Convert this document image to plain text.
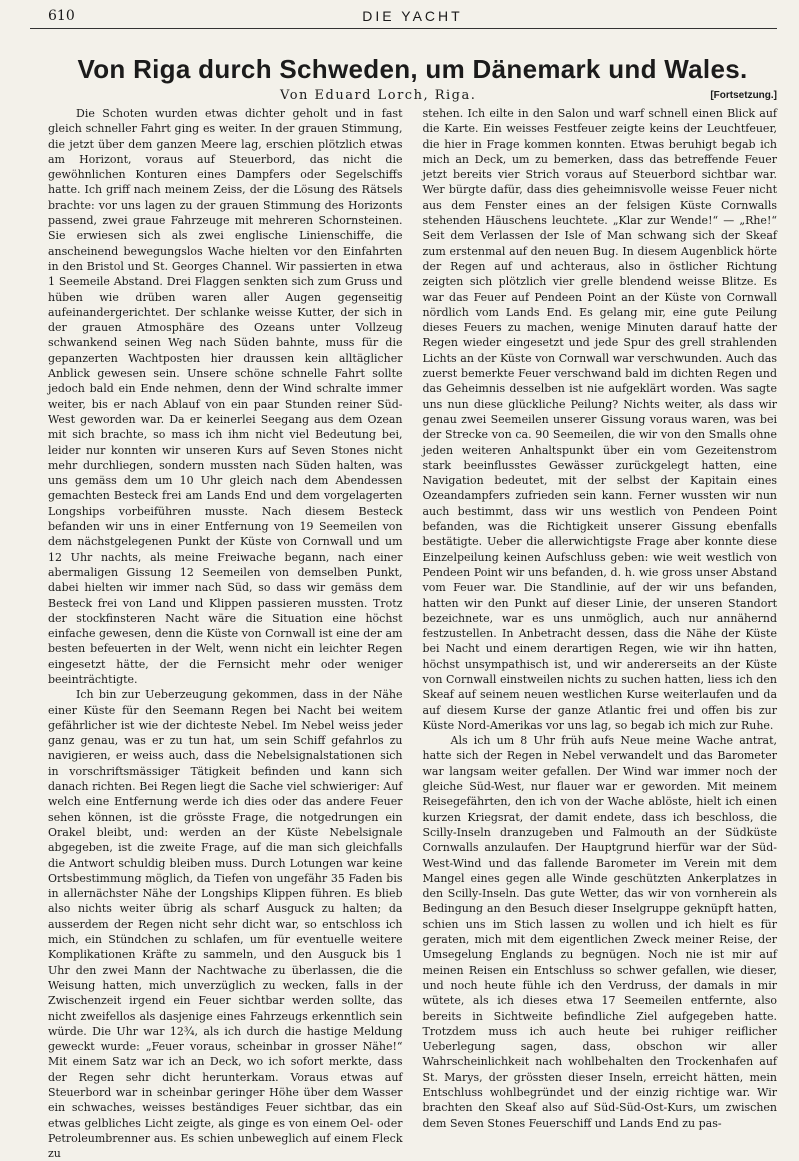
610	DIE YACHT
Von Riga durch Schweden, um Dänemark und Wales.
Von Eduard Lorch, Riga.	[Fortsetzung.]

Die Schoten wurden etwas dichter geholt und in fast gleich schneller Fahrt ging es weiter. In der grauen Stimmung, die jetzt über dem ganzen Meere lag, erschien plötzlich etwas am Horizont, voraus auf Steuerbord, das nicht die gewöhnlichen Konturen eines Dampfers oder Segelschiffs hatte. Ich griff nach meinem Zeiss, der die Lösung des Rätsels brachte: vor uns lagen zu der grauen Stimmung des Horizonts passend, zwei graue Fahrzeuge mit mehreren Schornsteinen. Sie erwiesen sich als zwei englische Linienschiffe, die anscheinend bewegungslos Wache hielten vor den Einfahrten in den Bristol und St. Georges Channel. Wir passierten in etwa 1 Seemeile Abstand. Drei Flaggen senkten sich zum Gruss und hüben wie drüben waren aller Augen gegenseitig aufeinandergerichtet. Der schlanke weisse Kutter, der sich in der grauen Atmosphäre des Ozeans unter Vollzeug schwankend seinen Weg nach Süden bahnte, muss für die gepanzerten Wachtposten hier draussen kein alltäglicher Anblick gewesen sein. Unsere schöne schnelle Fahrt sollte jedoch bald ein Ende nehmen, denn der Wind schralte immer weiter, bis er nach Ablauf von ein paar Stunden reiner Süd-West geworden war. Da er keinerlei Seegang aus dem Ozean mit sich brachte, so mass ich ihm nicht viel Bedeutung bei, leider nur konnten wir unseren Kurs auf Seven Stones nicht mehr durchliegen, sondern mussten nach Süden halten, was uns gemäss dem um 10 Uhr gleich nach dem Abendessen gemachten Besteck frei am Lands End und dem vorgelagerten Longships vorbeiführen musste. Nach diesem Besteck befanden wir uns in einer Entfernung von 19 Seemeilen von dem nächstgelegenen Punkt der Küste von Cornwall und um 12 Uhr nachts, als meine Freiwache begann, nach einer abermaligen Gissung 12 Seemeilen von demselben Punkt, dabei hielten wir immer nach Süd, so dass wir gemäss dem Besteck frei von Land und Klippen passieren mussten. Trotz der stockfinsteren Nacht wäre die Situation eine höchst einfache gewesen, denn die Küste von Cornwall ist eine der am besten befeuerten in der Welt, wenn nicht ein leichter Regen eingesetzt hätte, der die Fernsicht mehr oder weniger beeinträchtigte.

Ich bin zur Ueberzeugung gekommen, dass in der Nähe einer Küste für den Seemann Regen bei Nacht bei weitem gefährlicher ist wie der dichteste Nebel. Im Nebel weiss jeder ganz genau, was er zu tun hat, um sein Schiff gefahrlos zu navigieren, er weiss auch, dass die Nebelsignalstationen sich in vorschriftsmässiger Tätigkeit befinden und kann sich danach richten. Bei Regen liegt die Sache viel schwieriger: Auf welch eine Entfernung werde ich dies oder das andere Feuer sehen können, ist die grösste Frage, die notgedrungen ein Orakel bleibt, und: werden an der Küste Nebelsignale abgegeben, ist die zweite Frage, auf die man sich gleichfalls die Antwort schuldig bleiben muss. Durch Lotungen war keine Ortsbestimmung möglich, da Tiefen von ungefähr 35 Faden bis in allernächster Nähe der Longships Klippen führen. Es blieb also nichts weiter übrig als scharf Ausguck zu halten; da ausserdem der Regen nicht sehr dicht war, so entschloss ich mich, ein Stündchen zu schlafen, um für eventuelle weitere Komplikationen Kräfte zu sammeln, und den Ausguck bis 1 Uhr den zwei Mann der Nachtwache zu überlassen, die die Weisung hatten, mich unverzüglich zu wecken, falls in der Zwischenzeit irgend ein Feuer sichtbar werden sollte, das nicht zweifellos als dasjenige eines Fahrzeugs erkenntlich sein würde. Die Uhr war 12¾, als ich durch die hastige Meldung geweckt wurde: „Feuer voraus, scheinbar in grosser Nähe!“ Mit einem Satz war ich an Deck, wo ich sofort merkte, dass der Regen sehr dicht herunterkam. Voraus etwas auf Steuerbord war in scheinbar geringer Höhe über dem Wasser ein schwaches, weisses beständiges Feuer sichtbar, das ein etwas gelbliches Licht zeigte, als ginge es von einem Oel- oder Petroleumbrenner aus. Es schien unbeweglich auf einem Fleck zu

stehen. Ich eilte in den Salon und warf schnell einen Blick auf die Karte. Ein weisses Festfeuer zeigte keins der Leuchtfeuer, die hier in Frage kommen konnten. Etwas beruhigt begab ich mich an Deck, um zu bemerken, dass das betreffende Feuer jetzt bereits vier Strich voraus auf Steuerbord sichtbar war. Wer bürgte dafür, dass dies geheimnisvolle weisse Feuer nicht aus dem Fenster eines an der felsigen Küste Cornwalls stehenden Häuschens leuchtete. „Klar zur Wende!“ — „Rhe!“ Seit dem Verlassen der Isle of Man schwang sich der Skeaf zum erstenmal auf den neuen Bug. In diesem Augenblick hörte der Regen auf und achteraus, also in östlicher Richtung zeigten sich plötzlich vier grelle blendend weisse Blitze. Es war das Feuer auf Pendeen Point an der Küste von Cornwall nördlich vom Lands End. Es gelang mir, eine gute Peilung dieses Feuers zu machen, wenige Minuten darauf hatte der Regen wieder eingesetzt und jede Spur des grell strahlenden Lichts an der Küste von Cornwall war verschwunden. Auch das zuerst bemerkte Feuer verschwand bald im dichten Regen und das Geheimnis desselben ist nie aufgeklärt worden. Was sagte uns nun diese glückliche Peilung? Nichts weiter, als dass wir genau zwei Seemeilen unserer Gissung voraus waren, was bei der Strecke von ca. 90 Seemeilen, die wir von den Smalls ohne jeden weiteren Anhaltspunkt über ein vom Gezeitenstrom stark beeinflusstes Gewässer zurückgelegt hatten, eine Navigation bedeutet, mit der selbst der Kapitain eines Ozeandampfers zufrieden sein kann. Ferner wussten wir nun auch bestimmt, dass wir uns westlich von Pendeen Point befanden, was die Richtigkeit unserer Gissung ebenfalls bestätigte. Ueber die allerwichtigste Frage aber konnte diese Einzelpeilung keinen Aufschluss geben: wie weit westlich von Pendeen Point wir uns befanden, d. h. wie gross unser Abstand vom Feuer war. Die Standlinie, auf der wir uns befanden, hatten wir den Punkt auf dieser Linie, der unseren Standort bezeichnete, war es uns unmöglich, auch nur annähernd festzustellen. In Anbetracht dessen, dass die Nähe der Küste bei Nacht und einem derartigen Regen, wie wir ihn hatten, höchst unsympathisch ist, und wir andererseits an der Küste von Cornwall einstweilen nichts zu suchen hatten, liess ich den Skeaf auf seinem neuen westlichen Kurse weiterlaufen und da auf diesem Kurse der ganze Atlantic frei und offen bis zur Küste Nord-Amerikas vor uns lag, so begab ich mich zur Ruhe.

Als ich um 8 Uhr früh aufs Neue meine Wache antrat, hatte sich der Regen in Nebel verwandelt und das Barometer war langsam weiter gefallen. Der Wind war immer noch der gleiche Süd-West, nur flauer war er geworden. Mit meinem Reisegefährten, den ich von der Wache ablöste, hielt ich einen kurzen Kriegsrat, der damit endete, dass ich beschloss, die Scilly-Inseln dranzugeben und Falmouth an der Südküste Cornwalls anzulaufen. Der Hauptgrund hierfür war der Süd-West-Wind und das fallende Barometer im Verein mit dem Mangel eines gegen alle Winde geschützten Ankerplatzes in den Scilly-Inseln. Das gute Wetter, das wir von vornherein als Bedingung an den Besuch dieser Inselgruppe geknüpft hatten, schien uns im Stich lassen zu wollen und ich hielt es für geraten, mich mit dem eigentlichen Zweck meiner Reise, der Umsegelung Englands zu begnügen. Noch nie ist mir auf meinen Reisen ein Entschluss so schwer gefallen, wie dieser, und noch heute fühle ich den Verdruss, der damals in mir wütete, als ich dieses etwa 17 Seemeilen entfernte, also bereits in Sichtweite befindliche Ziel aufgegeben hatte. Trotzdem muss ich auch heute bei ruhiger reiflicher Ueberlegung sagen, dass, obschon wir aller Wahrscheinlichkeit nach wohlbehalten den Trockenhafen auf St. Marys, der grössten dieser Inseln, erreicht hätten, mein Entschluss wohlbegründet und der einzig richtige war. Wir brachten den Skeaf also auf Süd-Süd-Ost-Kurs, um zwischen dem Seven Stones Feuerschiff und Lands End zu pas-
